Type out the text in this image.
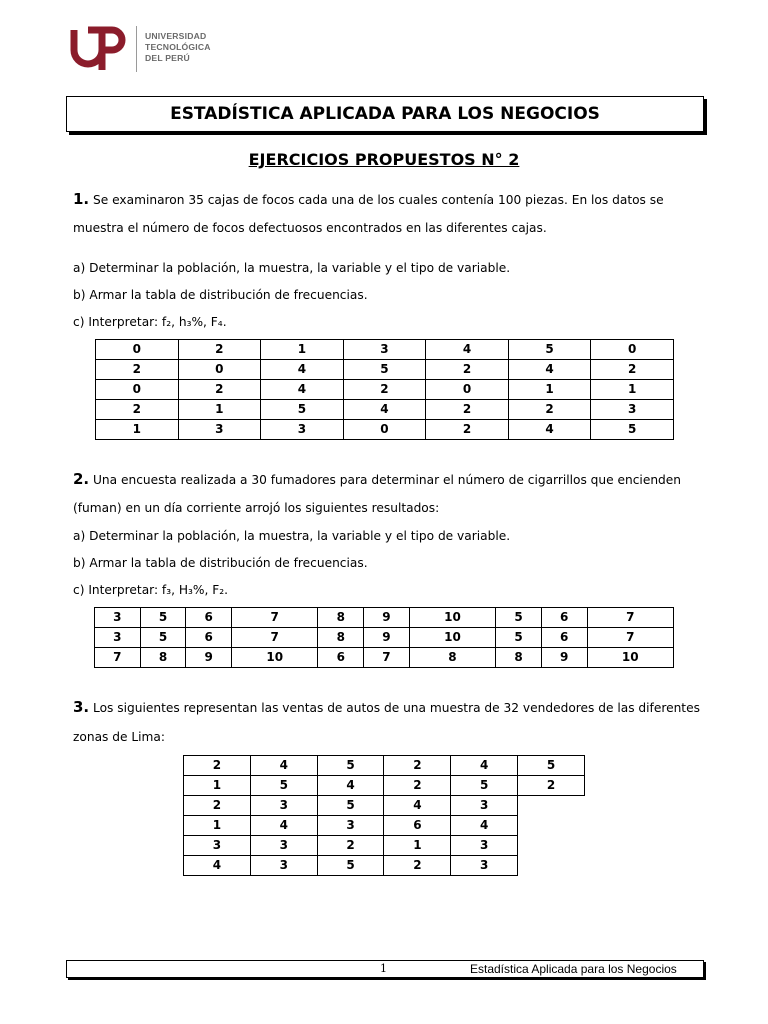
UNIVERSIDAD
TECNOLÓGICA
DEL PERÚ
ESTADÍSTICA APLICADA PARA LOS NEGOCIOS
EJERCICIOS PROPUESTOS N° 2
1. Se examinaron 35 cajas de focos cada una de los cuales contenía 100 piezas. En los datos se
muestra el número de focos defectuosos encontrados en las diferentes cajas.
a) Determinar la población, la muestra, la variable y el tipo de variable.
b) Armar la tabla de distribución de frecuencias.
c) Interpretar: f₂, h₃%, F₄.
0	2	1	3	4	5	0
2	0	4	5	2	4	2
0	2	4	2	0	1	1
2	1	5	4	2	2	3
1	3	3	0	2	4	5
2. Una encuesta realizada a 30 fumadores para determinar el número de cigarrillos que encienden
(fuman) en un día corriente arrojó los siguientes resultados:
a) Determinar la población, la muestra, la variable y el tipo de variable.
b) Armar la tabla de distribución de frecuencias.
c) Interpretar: f₃, H₃%, F₂.
3	5	6	7	8	9	10	5	6	7
3	5	6	7	8	9	10	5	6	7
7	8	9	10	6	7	8	8	9	10
3. Los siguientes representan las ventas de autos de una muestra de 32 vendedores de las diferentes
zonas de Lima:
2	4	5	2	4	5
1	5	4	2	5	2
2	3	5	4	3	
1	4	3	6	4	
3	3	2	1	3	
4	3	5	2	3	
1	Estadística Aplicada para los Negocios
